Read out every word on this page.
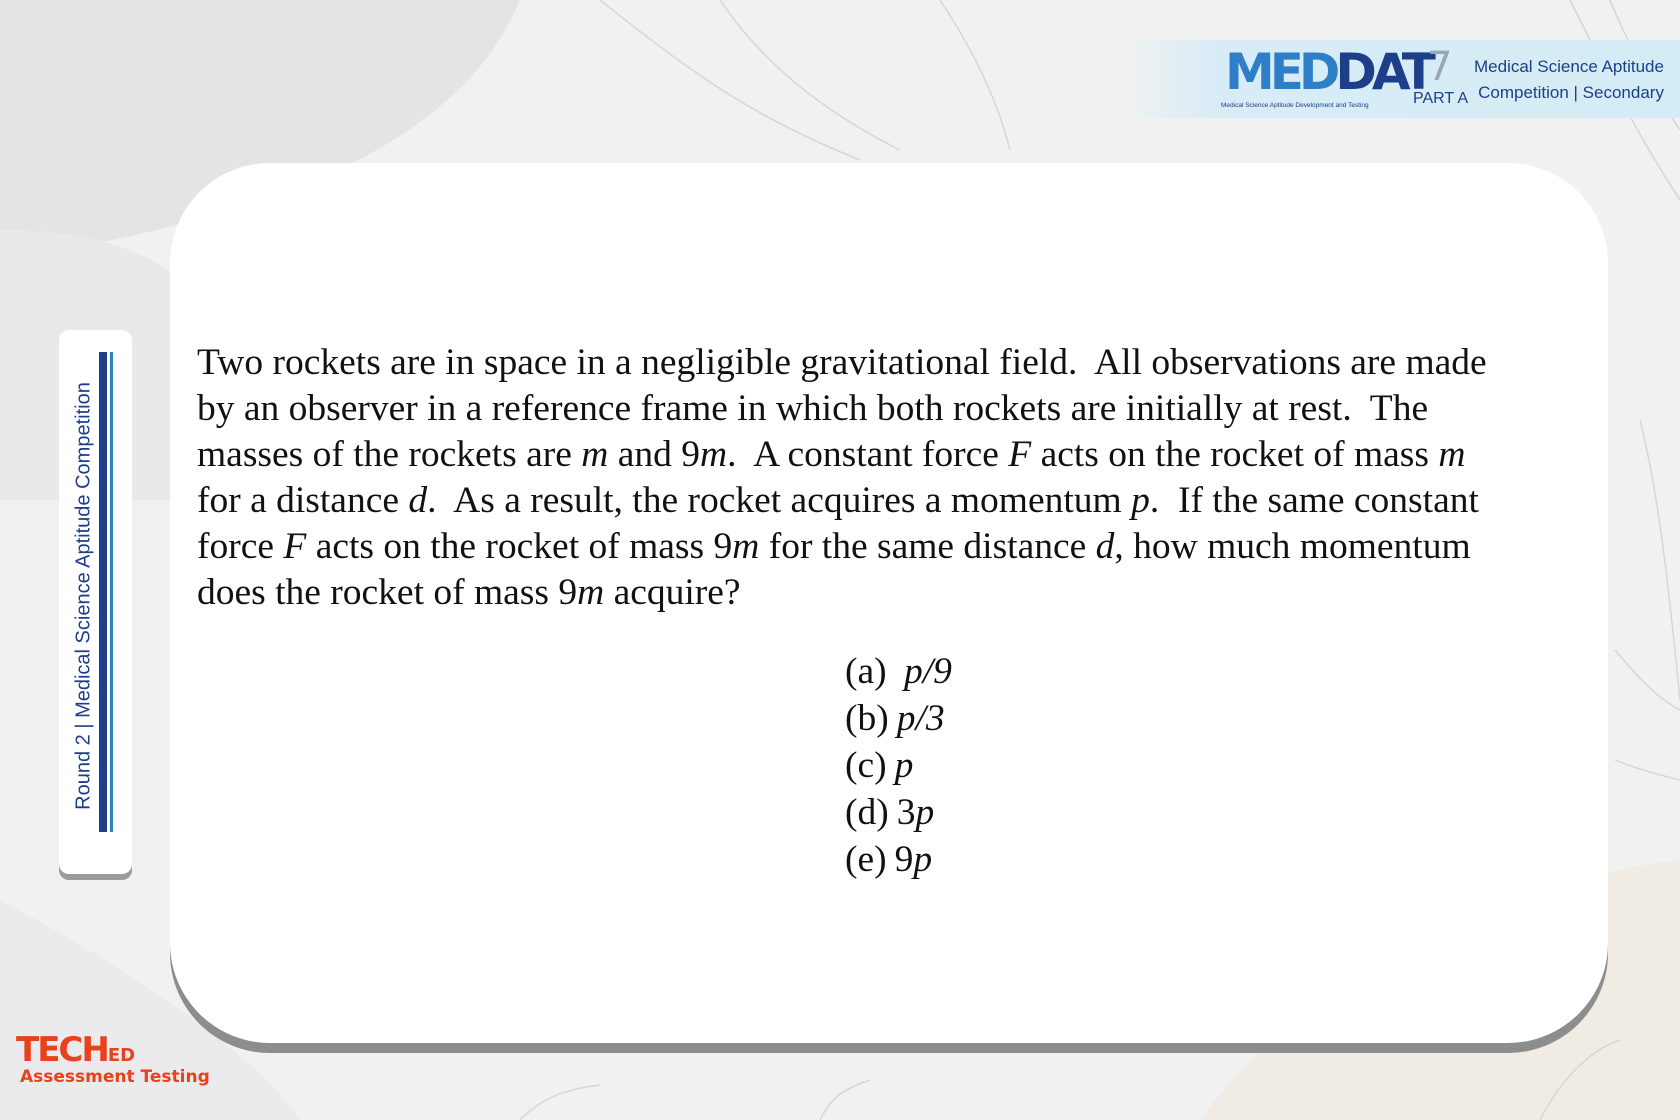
MEDDAT
Medical Science Aptitude Development and Testing
7
PART A
Medical Science Aptitude
Competition | Secondary
Round 2 | Medical Science Aptitude Competition

Two rockets are in space in a negligible gravitational field.  All observations are made

by an observer in a reference frame in which both rockets are initially at rest.  The

masses of the rockets are m and 9m.  A constant force F acts on the rocket of mass m

for a distance d.  As a result, the rocket acquires a momentum p.  If the same constant

force F acts on the rocket of mass 9m for the same distance d, how much momentum

does the rocket of mass 9m acquire?

(a) p/9
(b) p/3
(c) p
(d) 3p
(e) 9p
TECHED
Assessment Testing
